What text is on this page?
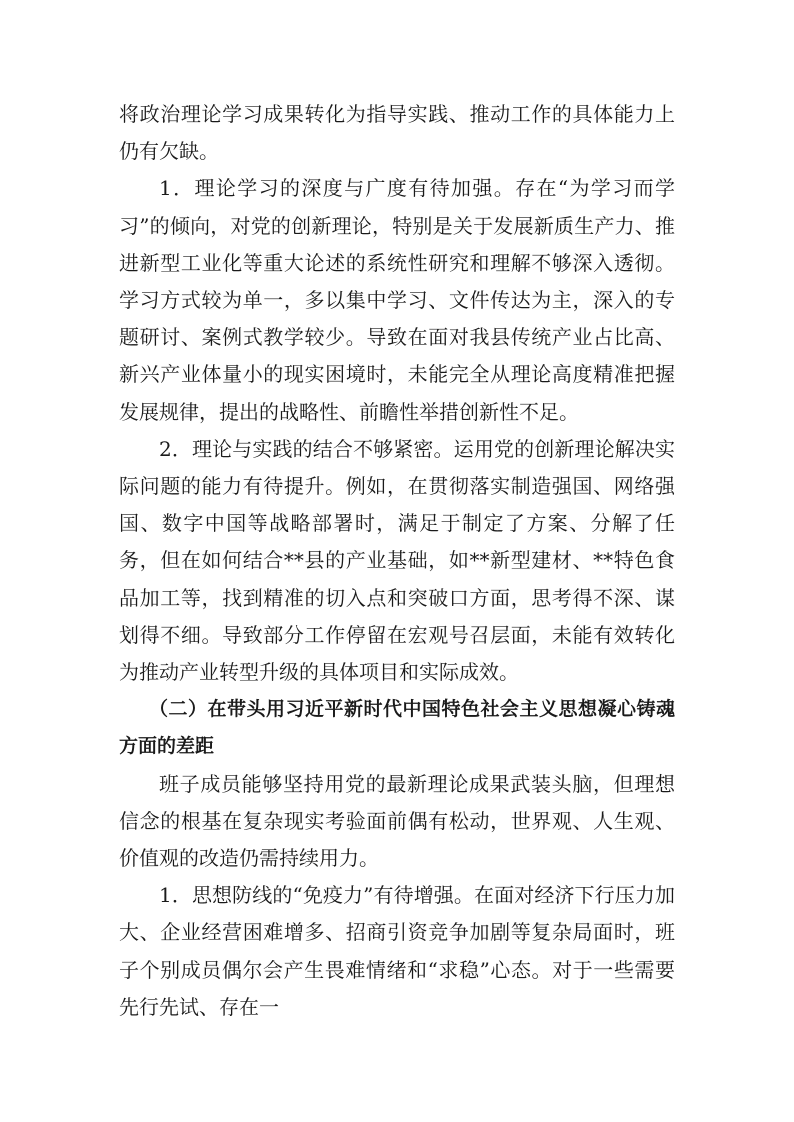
将政治理论学习成果转化为指导实践、推动工作的具体能力上仍有欠缺。

1．理论学习的深度与广度有待加强。存在“为学习而学习”的倾向，对党的创新理论，特别是关于发展新质生产力、推进新型工业化等重大论述的系统性研究和理解不够深入透彻。学习方式较为单一，多以集中学习、文件传达为主，深入的专题研讨、案例式教学较少。导致在面对我县传统产业占比高、新兴产业体量小的现实困境时，未能完全从理论高度精准把握发展规律，提出的战略性、前瞻性举措创新性不足。

2．理论与实践的结合不够紧密。运用党的创新理论解决实际问题的能力有待提升。例如，在贯彻落实制造强国、网络强国、数字中国等战略部署时，满足于制定了方案、分解了任务，但在如何结合**县的产业基础，如**新型建材、**特色食品加工等，找到精准的切入点和突破口方面，思考得不深、谋划得不细。导致部分工作停留在宏观号召层面，未能有效转化为推动产业转型升级的具体项目和实际成效。

（二）在带头用习近平新时代中国特色社会主义思想凝心铸魂方面的差距

班子成员能够坚持用党的最新理论成果武装头脑，但理想信念的根基在复杂现实考验面前偶有松动，世界观、人生观、价值观的改造仍需持续用力。

1．思想防线的“免疫力”有待增强。在面对经济下行压力加大、企业经营困难增多、招商引资竞争加剧等复杂局面时，班子个别成员偶尔会产生畏难情绪和“求稳”心态。对于一些需要先行先试、存在一
